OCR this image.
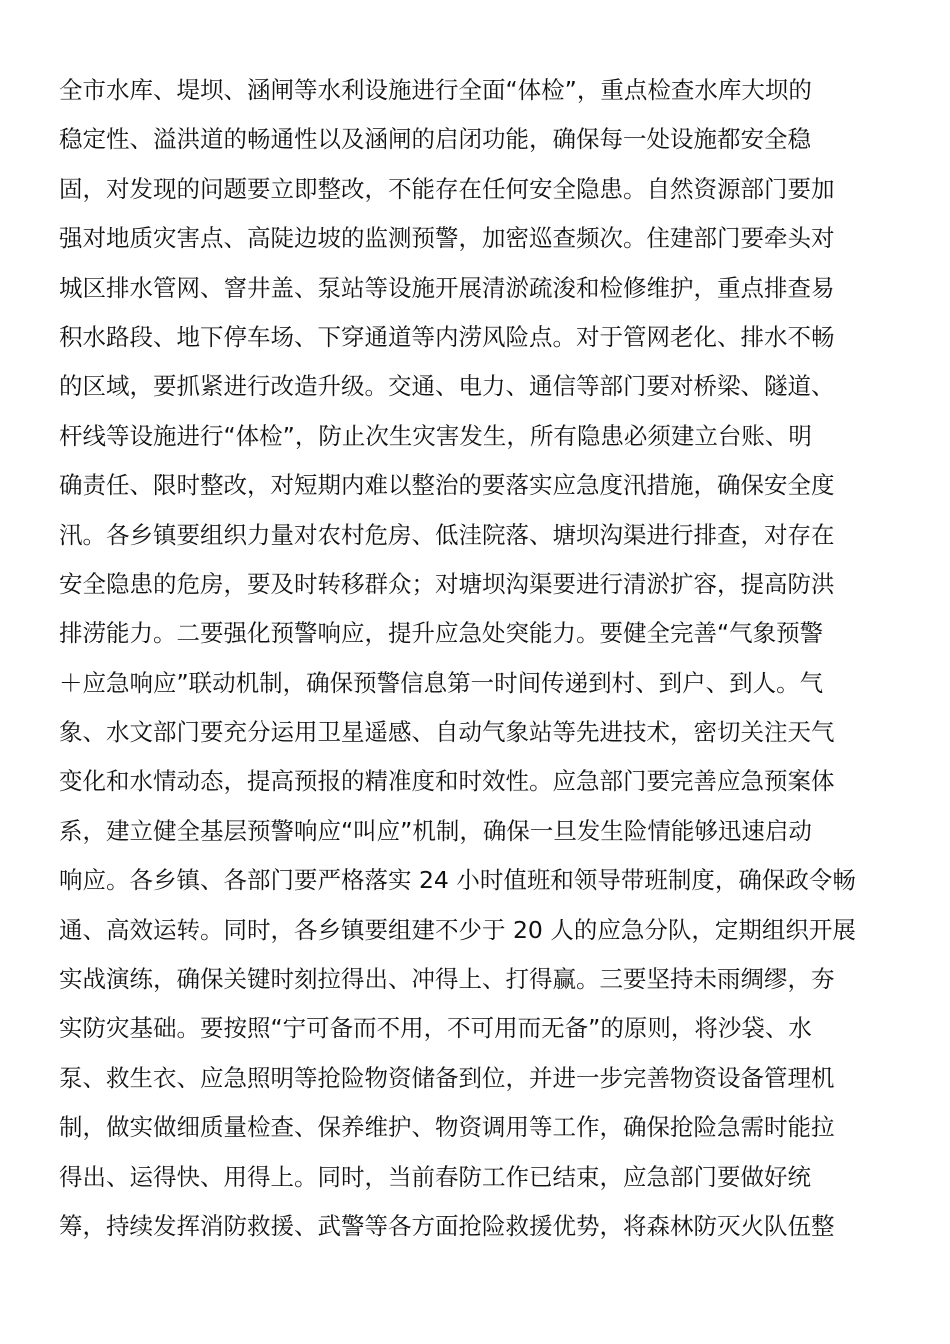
全市水库、堤坝、涵闸等水利设施进行全面“体检”，重点检查水库大坝的
稳定性、溢洪道的畅通性以及涵闸的启闭功能，确保每一处设施都安全稳
固，对发现的问题要立即整改，不能存在任何安全隐患。自然资源部门要加
强对地质灾害点、高陡边坡的监测预警，加密巡查频次。住建部门要牵头对
城区排水管网、窨井盖、泵站等设施开展清淤疏浚和检修维护，重点排查易
积水路段、地下停车场、下穿通道等内涝风险点。对于管网老化、排水不畅
的区域，要抓紧进行改造升级。交通、电力、通信等部门要对桥梁、隧道、
杆线等设施进行“体检”，防止次生灾害发生，所有隐患必须建立台账、明
确责任、限时整改，对短期内难以整治的要落实应急度汛措施，确保安全度
汛。各乡镇要组织力量对农村危房、低洼院落、塘坝沟渠进行排查，对存在
安全隐患的危房，要及时转移群众；对塘坝沟渠要进行清淤扩容，提高防洪
排涝能力。二要强化预警响应，提升应急处突能力。要健全完善“气象预警
＋应急响应”联动机制，确保预警信息第一时间传递到村、到户、到人。气
象、水文部门要充分运用卫星遥感、自动气象站等先进技术，密切关注天气
变化和水情动态，提高预报的精准度和时效性。应急部门要完善应急预案体
系，建立健全基层预警响应“叫应”机制，确保一旦发生险情能够迅速启动
响应。各乡镇、各部门要严格落实 24 小时值班和领导带班制度，确保政令畅
通、高效运转。同时，各乡镇要组建不少于 20 人的应急分队，定期组织开展
实战演练，确保关键时刻拉得出、冲得上、打得赢。三要坚持未雨绸缪，夯
实防灾基础。要按照“宁可备而不用，不可用而无备”的原则，将沙袋、水
泵、救生衣、应急照明等抢险物资储备到位，并进一步完善物资设备管理机
制，做实做细质量检查、保养维护、物资调用等工作，确保抢险急需时能拉
得出、运得快、用得上。同时，当前春防工作已结束，应急部门要做好统
筹，持续发挥消防救援、武警等各方面抢险救援优势，将森林防灭火队伍整
